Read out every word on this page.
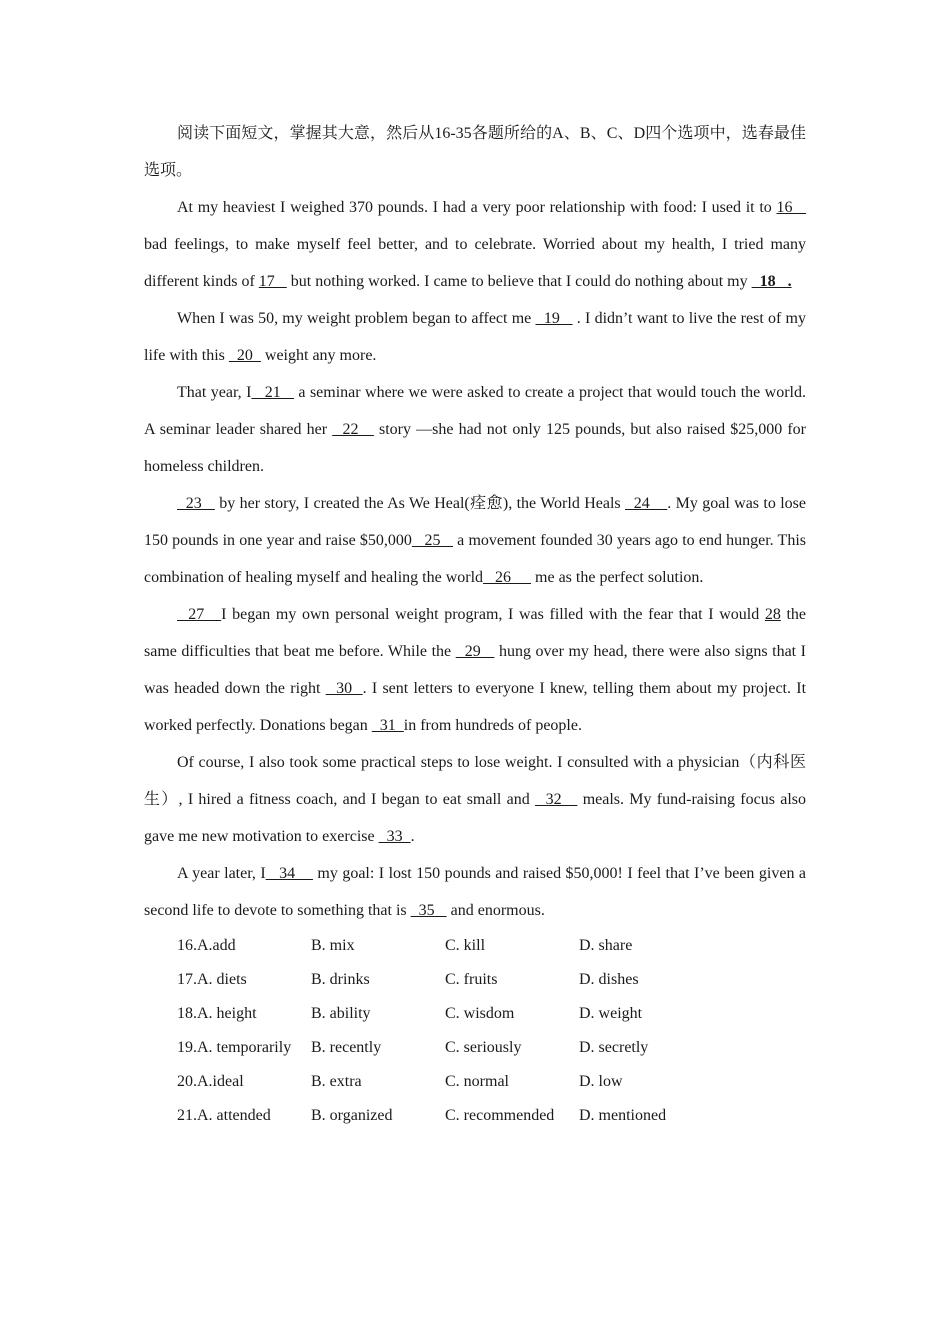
阅读下面短文，掌握其大意，然后从16-35各题所给的A、B、C、D四个选项中，选春最佳选项。

At my heaviest I weighed 370 pounds. I had a very poor relationship with food: I used it to 16    bad feelings, to make myself feel better, and to celebrate. Worried about my health, I tried many different kinds of 17    but nothing worked. I came to believe that I could do nothing about my   18   .

When I was 50, my weight problem began to affect me   19    . I didn’t want to live the rest of my life with this   20   weight any more.

That year, I   21    a seminar where we were asked to create a project that would touch the world. A seminar leader shared her   22    story —she had not only 125 pounds, but also raised $25,000 for homeless children.

23    by her story, I created the As We Heal(痊愈), the World Heals   24    . My goal was to lose 150 pounds in one year and raise $50,000   25    a movement founded 30 years ago to end hunger. This combination of healing myself and healing the world   26      me as the perfect solution.

27   I began my own personal weight program, I was filled with the fear that I would 28 the same difficulties that beat me before. While the   29    hung over my head, there were also signs that I was headed down the right   30  . I sent letters to everyone I knew, telling them about my project. It worked perfectly. Donations began   31  in from hundreds of people.

Of course, I also took some practical steps to lose weight. I consulted with a physician（内科医生）, I hired a fitness coach, and I began to eat small and   32    meals. My fund-raising focus also gave me new motivation to exercise   33  .

A year later, I   34     my goal: I lost 150 pounds and raised $50,000! I feel that I’ve been given a second life to devote to something that is   35    and enormous.

16.A.add	B. mix	C. kill	D. share
17.A. diets	B. drinks	C. fruits	D. dishes
18.A. height	B. ability	C. wisdom	D. weight
19.A. temporarily	B. recently	C. seriously	D. secretly
20.A.ideal	B. extra	C. normal	D. low
21.A. attended	B. organized	C. recommended	D. mentioned
